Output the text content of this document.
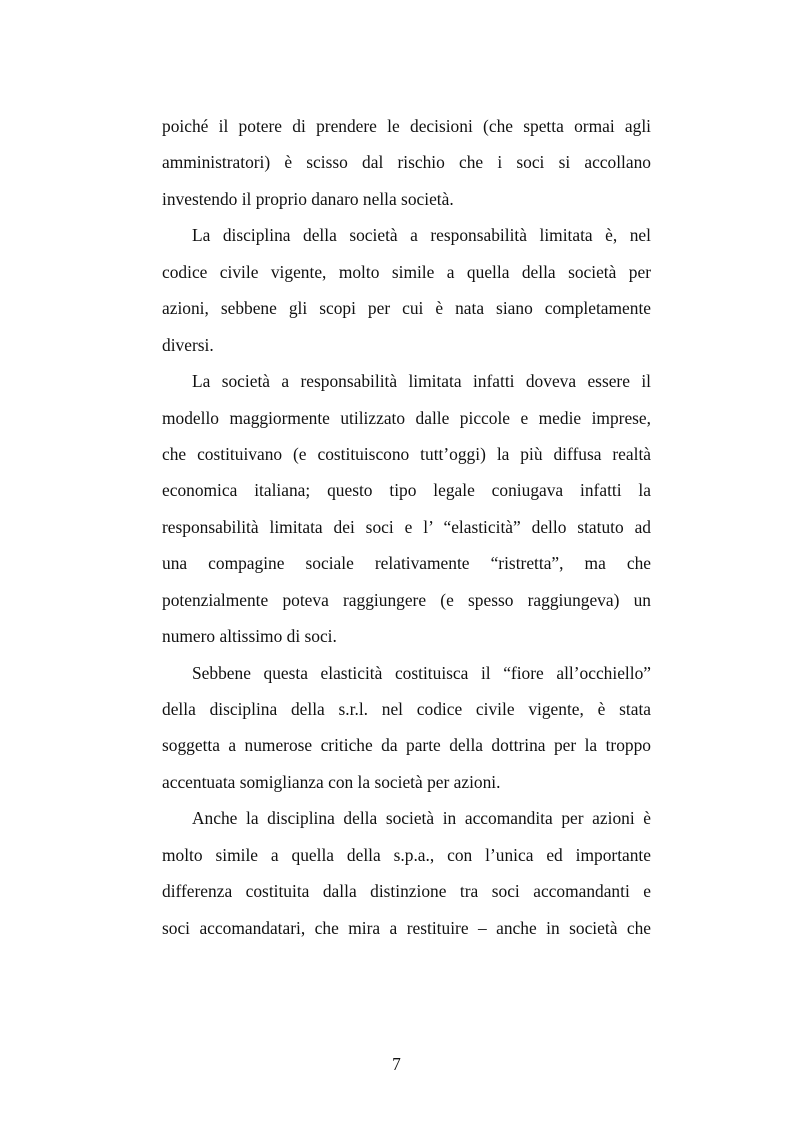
poiché il potere di prendere le decisioni (che spetta ormai agli
amministratori) è scisso dal rischio che i soci si accollano
investendo il proprio danaro nella società.
La disciplina della società a responsabilità limitata è, nel
codice civile vigente, molto simile a quella della società per
azioni, sebbene gli scopi per cui è nata siano completamente
diversi.
La società a responsabilità limitata infatti doveva essere il
modello maggiormente utilizzato dalle piccole e medie imprese,
che costituivano (e costituiscono tutt’oggi) la più diffusa realtà
economica italiana; questo tipo legale coniugava infatti la
responsabilità limitata dei soci e l’ “elasticità” dello statuto ad
una compagine sociale relativamente “ristretta”, ma che
potenzialmente poteva raggiungere (e spesso raggiungeva) un
numero altissimo di soci.
Sebbene questa elasticità costituisca il “fiore all’occhiello”
della disciplina della s.r.l. nel codice civile vigente, è stata
soggetta a numerose critiche da parte della dottrina per la troppo
accentuata somiglianza con la società per azioni.
Anche la disciplina della società in accomandita per azioni è
molto simile a quella della s.p.a., con l’unica ed importante
differenza costituita dalla distinzione tra soci accomandanti e
soci accomandatari, che mira a restituire – anche in società che
7
